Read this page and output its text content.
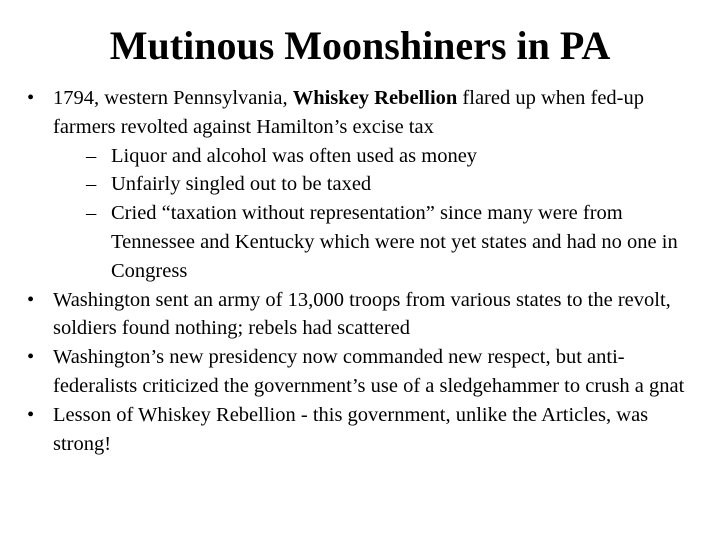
Mutinous Moonshiners in PA
• 1794, western Pennsylvania, Whiskey Rebellion flared up when fed-up farmers revolted against Hamilton’s excise tax
– Liquor and alcohol was often used as money
– Unfairly singled out to be taxed
– Cried “taxation without representation” since many were from Tennessee and Kentucky which were not yet states and had no one in Congress
• Washington sent an army of 13,000 troops from various states to the revolt, soldiers found nothing; rebels had scattered
• Washington’s new presidency now commanded new respect, but anti-federalists criticized the government’s use of a sledgehammer to crush a gnat
• Lesson of Whiskey Rebellion - this government, unlike the Articles, was strong!
